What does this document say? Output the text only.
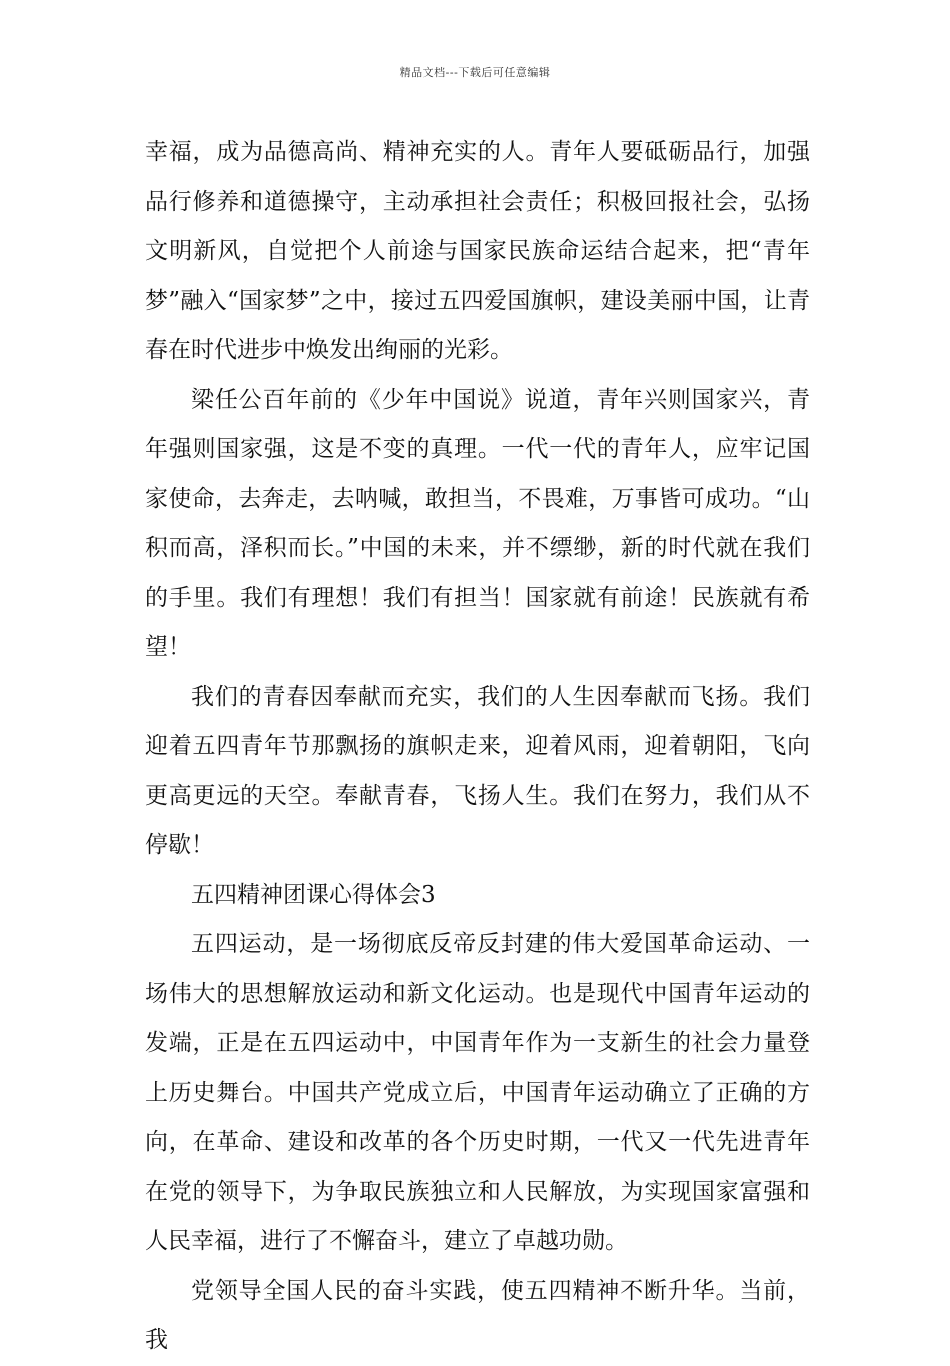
精品文档---下载后可任意编辑

幸福，成为品德高尚、精神充实的人。青年人要砥砺品行，加强品行修养和道德操守，主动承担社会责任；积极回报社会，弘扬文明新风，自觉把个人前途与国家民族命运结合起来，把“青年梦”融入“国家梦”之中，接过五四爱国旗帜，建设美丽中国，让青春在时代进步中焕发出绚丽的光彩。

梁任公百年前的《少年中国说》说道，青年兴则国家兴，青年强则国家强，这是不变的真理。一代一代的青年人，应牢记国家使命，去奔走，去呐喊，敢担当，不畏难，万事皆可成功。“山积而高，泽积而长。”中国的未来，并不缥缈，新的时代就在我们的手里。我们有理想！我们有担当！国家就有前途！民族就有希望！

我们的青春因奉献而充实，我们的人生因奉献而飞扬。我们迎着五四青年节那飘扬的旗帜走来，迎着风雨，迎着朝阳，飞向更高更远的天空。奉献青春，飞扬人生。我们在努力，我们从不停歇！

五四精神团课心得体会3

五四运动，是一场彻底反帝反封建的伟大爱国革命运动、一场伟大的思想解放运动和新文化运动。也是现代中国青年运动的发端，正是在五四运动中，中国青年作为一支新生的社会力量登上历史舞台。中国共产党成立后，中国青年运动确立了正确的方向，在革命、建设和改革的各个历史时期，一代又一代先进青年在党的领导下，为争取民族独立和人民解放，为实现国家富强和人民幸福，进行了不懈奋斗，建立了卓越功勋。

党领导全国人民的奋斗实践，使五四精神不断升华。当前，我
